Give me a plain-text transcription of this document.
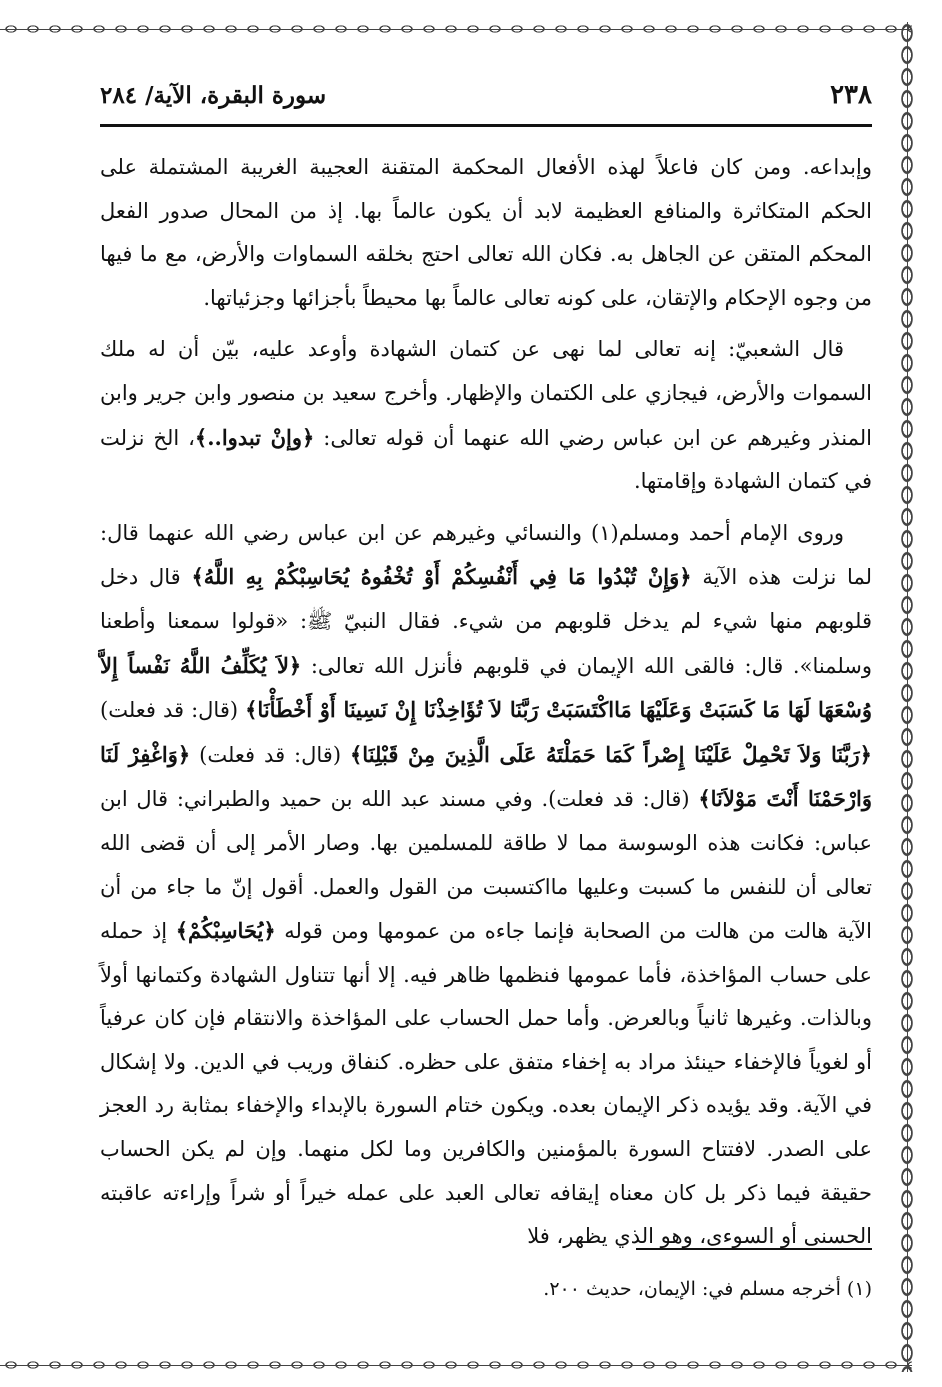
٢٣٨
سورة البقرة، الآية/ ٢٨٤

وإبداعه. ومن كان فاعلاً لهذه الأفعال المحكمة المتقنة العجيبة الغريبة المشتملة على الحكم المتكاثرة والمنافع العظيمة لابد أن يكون عالماً بها. إذ من المحال صدور الفعل المحكم المتقن عن الجاهل به. فكان الله تعالى احتج بخلقه السماوات والأرض، مع ما فيها من وجوه الإحكام والإتقان، على كونه تعالى عالماً بها محيطاً بأجزائها وجزئياتها.

قال الشعبيّ: إنه تعالى لما نهى عن كتمان الشهادة وأوعد عليه، بيّن أن له ملك السموات والأرض، فيجازي على الكتمان والإظهار. وأخرج سعيد بن منصور وابن جرير وابن المنذر وغيرهم عن ابن عباس رضي الله عنهما أن قوله تعالى: ﴿وإنْ تبدوا..﴾، الخ نزلت في كتمان الشهادة وإقامتها.

وروى الإمام أحمد ومسلم(١) والنسائي وغيرهم عن ابن عباس رضي الله عنهما قال: لما نزلت هذه الآية ﴿وَإِنْ تُبْدُوا مَا فِي أَنْفُسِكُمْ أَوْ تُخْفُوهُ يُحَاسِبْكُمْ بِهِ اللَّهُ﴾ قال دخل قلوبهم منها شيء لم يدخل قلوبهم من شيء. فقال النبيّ ﷺ: «قولوا سمعنا وأطعنا وسلمنا». قال: فالقى الله الإيمان في قلوبهم فأنزل الله تعالى: ﴿لاَ يُكَلِّفُ اللَّهُ نَفْساً إِلاَّ وُسْعَهَا لَهَا مَا كَسَبَتْ وَعَلَيْهَا مَااكْتَسَبَتْ رَبَّنَا لاَ تُؤَاخِذْنَا إِنْ نَسِينَا أَوْ أَخْطَأْنَا﴾ (قال: قد فعلت) ﴿رَبَّنَا وَلاَ تَحْمِلْ عَلَيْنَا إِصْراً كَمَا حَمَلْتَهُ عَلَى الَّذِينَ مِنْ قَبْلِنَا﴾ (قال: قد فعلت) ﴿وَاغْفِرْ لَنَا وَارْحَمْنَا أَنْتَ مَوْلاَنَا﴾ (قال: قد فعلت). وفي مسند عبد الله بن حميد والطبراني: قال ابن عباس: فكانت هذه الوسوسة مما لا طاقة للمسلمين بها. وصار الأمر إلى أن قضى الله تعالى أن للنفس ما كسبت وعليها مااكتسبت من القول والعمل. أقول إنّ ما جاء من أن الآية هالت من هالت من الصحابة فإنما جاءه من عمومها ومن قوله ﴿يُحَاسِبْكُمْ﴾ إذ حمله على حساب المؤاخذة، فأما عمومها فنظمها ظاهر فيه. إلا أنها تتناول الشهادة وكتمانها أولاً وبالذات. وغيرها ثانياً وبالعرض. وأما حمل الحساب على المؤاخذة والانتقام فإن كان عرفياً أو لغوياً فالإخفاء حينئذ مراد به إخفاء متفق على حظره. كنفاق وريب في الدين. ولا إشكال في الآية. وقد يؤيده ذكر الإيمان بعده. ويكون ختام السورة بالإبداء والإخفاء بمثابة رد العجز على الصدر. لافتتاح السورة بالمؤمنين والكافرين وما لكل منهما. وإن لم يكن الحساب حقيقة فيما ذكر بل كان معناه إيقافه تعالى العبد على عمله خيراً أو شراً وإراءته عاقبته الحسنى أو السوءى، وهو الذي يظهر، فلا

(١) أخرجه مسلم في: الإيمان، حديث ٢٠٠.
